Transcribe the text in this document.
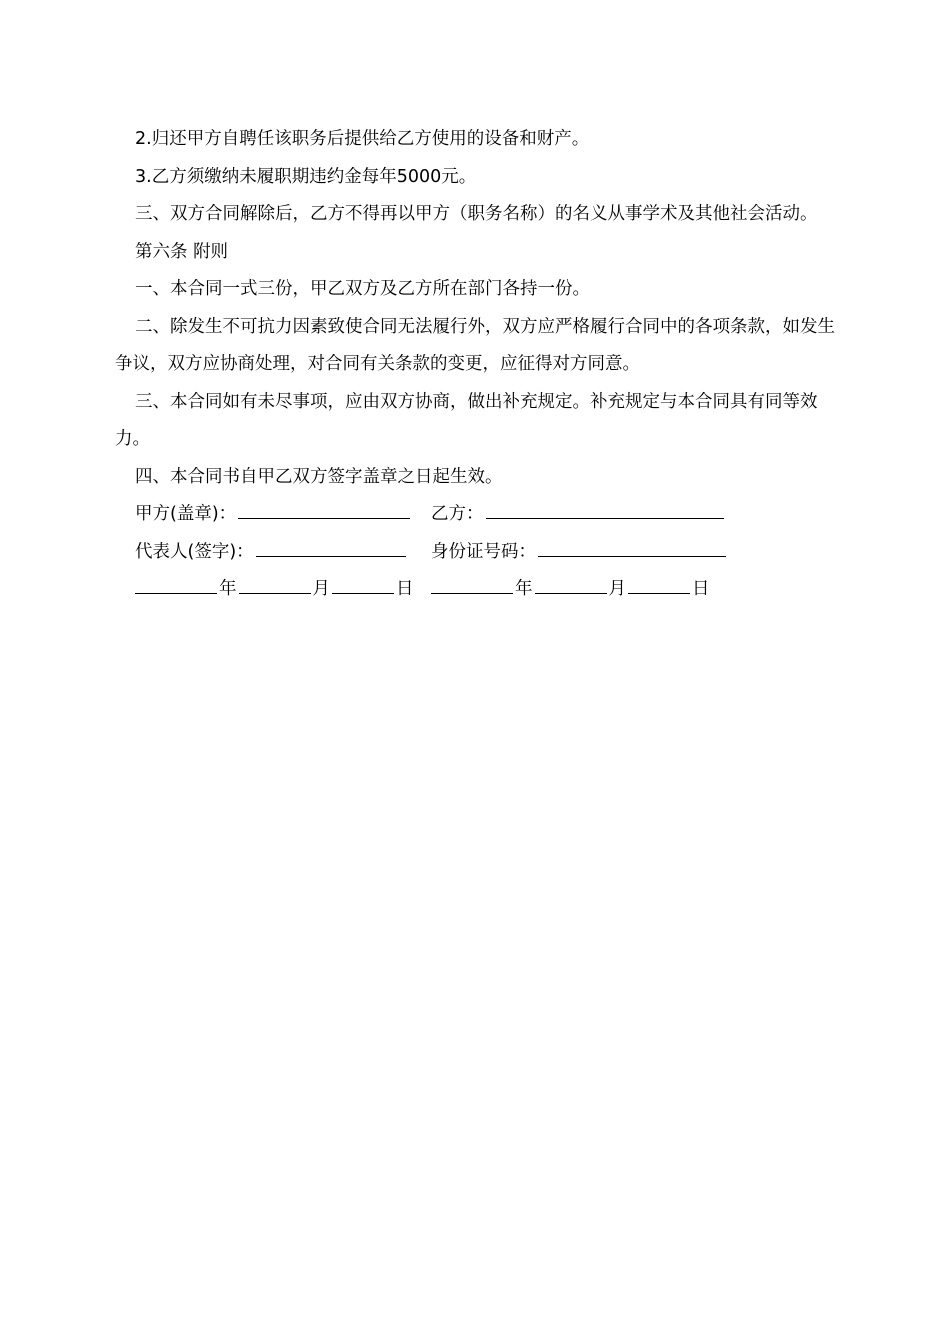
2.归还甲方自聘任该职务后提供给乙方使用的设备和财产。

3.乙方须缴纳未履职期违约金每年5000元。

三、双方合同解除后，乙方不得再以甲方（职务名称）的名义从事学术及其他社会活动。

第六条 附则

一、本合同一式三份，甲乙双方及乙方所在部门各持一份。

二、除发生不可抗力因素致使合同无法履行外，双方应严格履行合同中的各项条款，如发生争议，双方应协商处理，对合同有关条款的变更，应征得对方同意。

三、本合同如有未尽事项，应由双方协商，做出补充规定。补充规定与本合同具有同等效力。

四、本合同书自甲乙双方签字盖章之日起生效。

甲方(盖章)：	乙方：
代表人(签字)：	身份证号码：
年	月	日	年	月	日
